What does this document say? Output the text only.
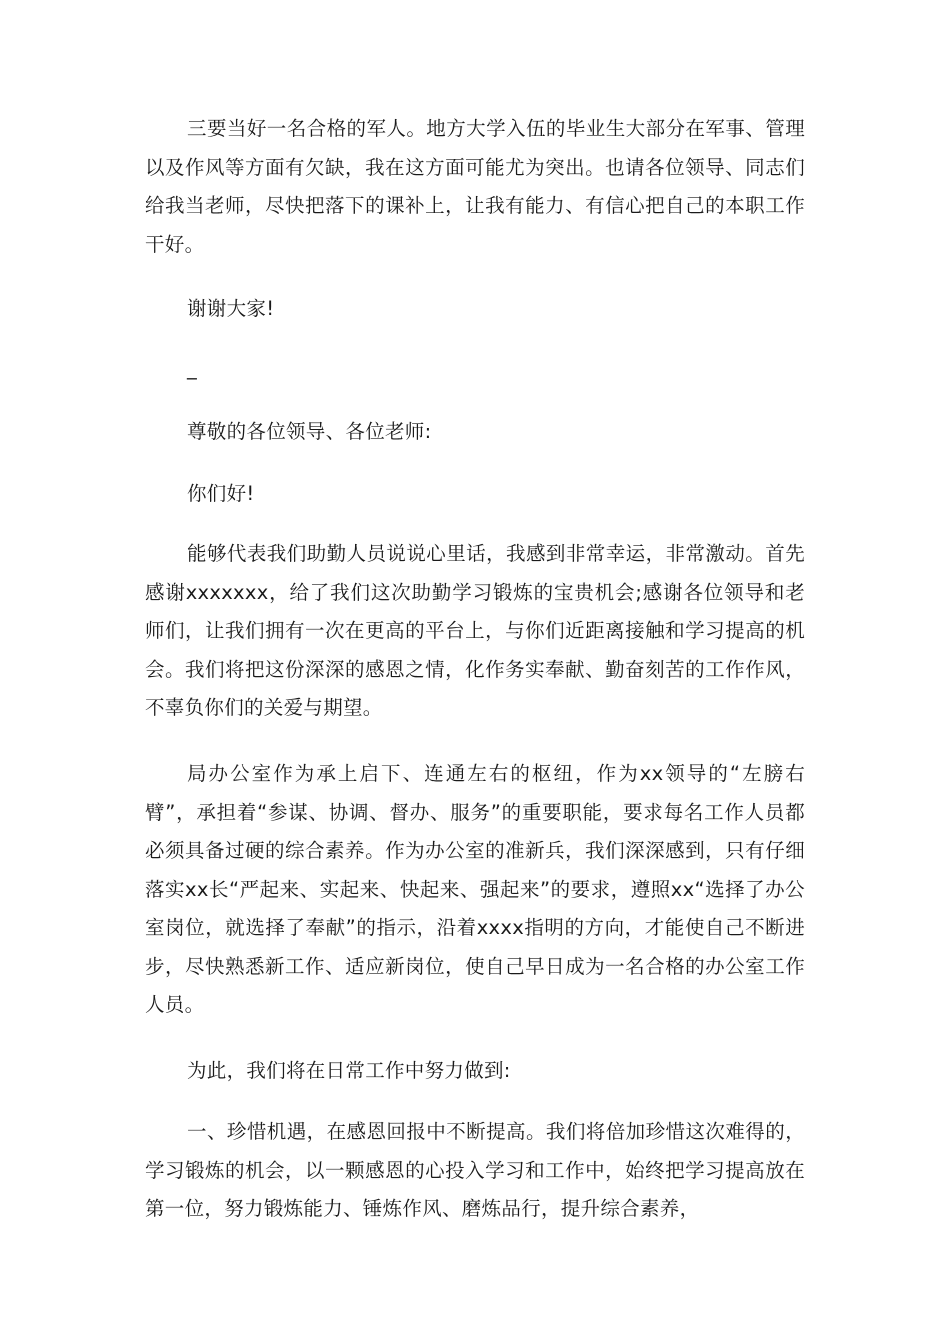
三要当好一名合格的军人。地方大学入伍的毕业生大部分在军事、管理以及作风等方面有欠缺，我在这方面可能尤为突出。也请各位领导、同志们给我当老师，尽快把落下的课补上，让我有能力、有信心把自己的本职工作干好。

谢谢大家!

_

尊敬的各位领导、各位老师:

你们好!

能够代表我们助勤人员说说心里话，我感到非常幸运，非常激动。首先感谢xxxxxxx，给了我们这次助勤学习锻炼的宝贵机会;感谢各位领导和老师们，让我们拥有一次在更高的平台上，与你们近距离接触和学习提高的机会。我们将把这份深深的感恩之情，化作务实奉献、勤奋刻苦的工作作风，不辜负你们的关爱与期望。

局办公室作为承上启下、连通左右的枢纽，作为xx领导的“左膀右臂”，承担着“参谋、协调、督办、服务”的重要职能，要求每名工作人员都必须具备过硬的综合素养。作为办公室的准新兵，我们深深感到，只有仔细落实xx长“严起来、实起来、快起来、强起来”的要求，遵照xx“选择了办公室岗位，就选择了奉献”的指示，沿着xxxx指明的方向，才能使自己不断进步，尽快熟悉新工作、适应新岗位，使自己早日成为一名合格的办公室工作人员。

为此，我们将在日常工作中努力做到:

一、珍惜机遇，在感恩回报中不断提高。我们将倍加珍惜这次难得的，学习锻炼的机会，以一颗感恩的心投入学习和工作中，始终把学习提高放在第一位，努力锻炼能力、锤炼作风、磨炼品行，提升综合素养，
